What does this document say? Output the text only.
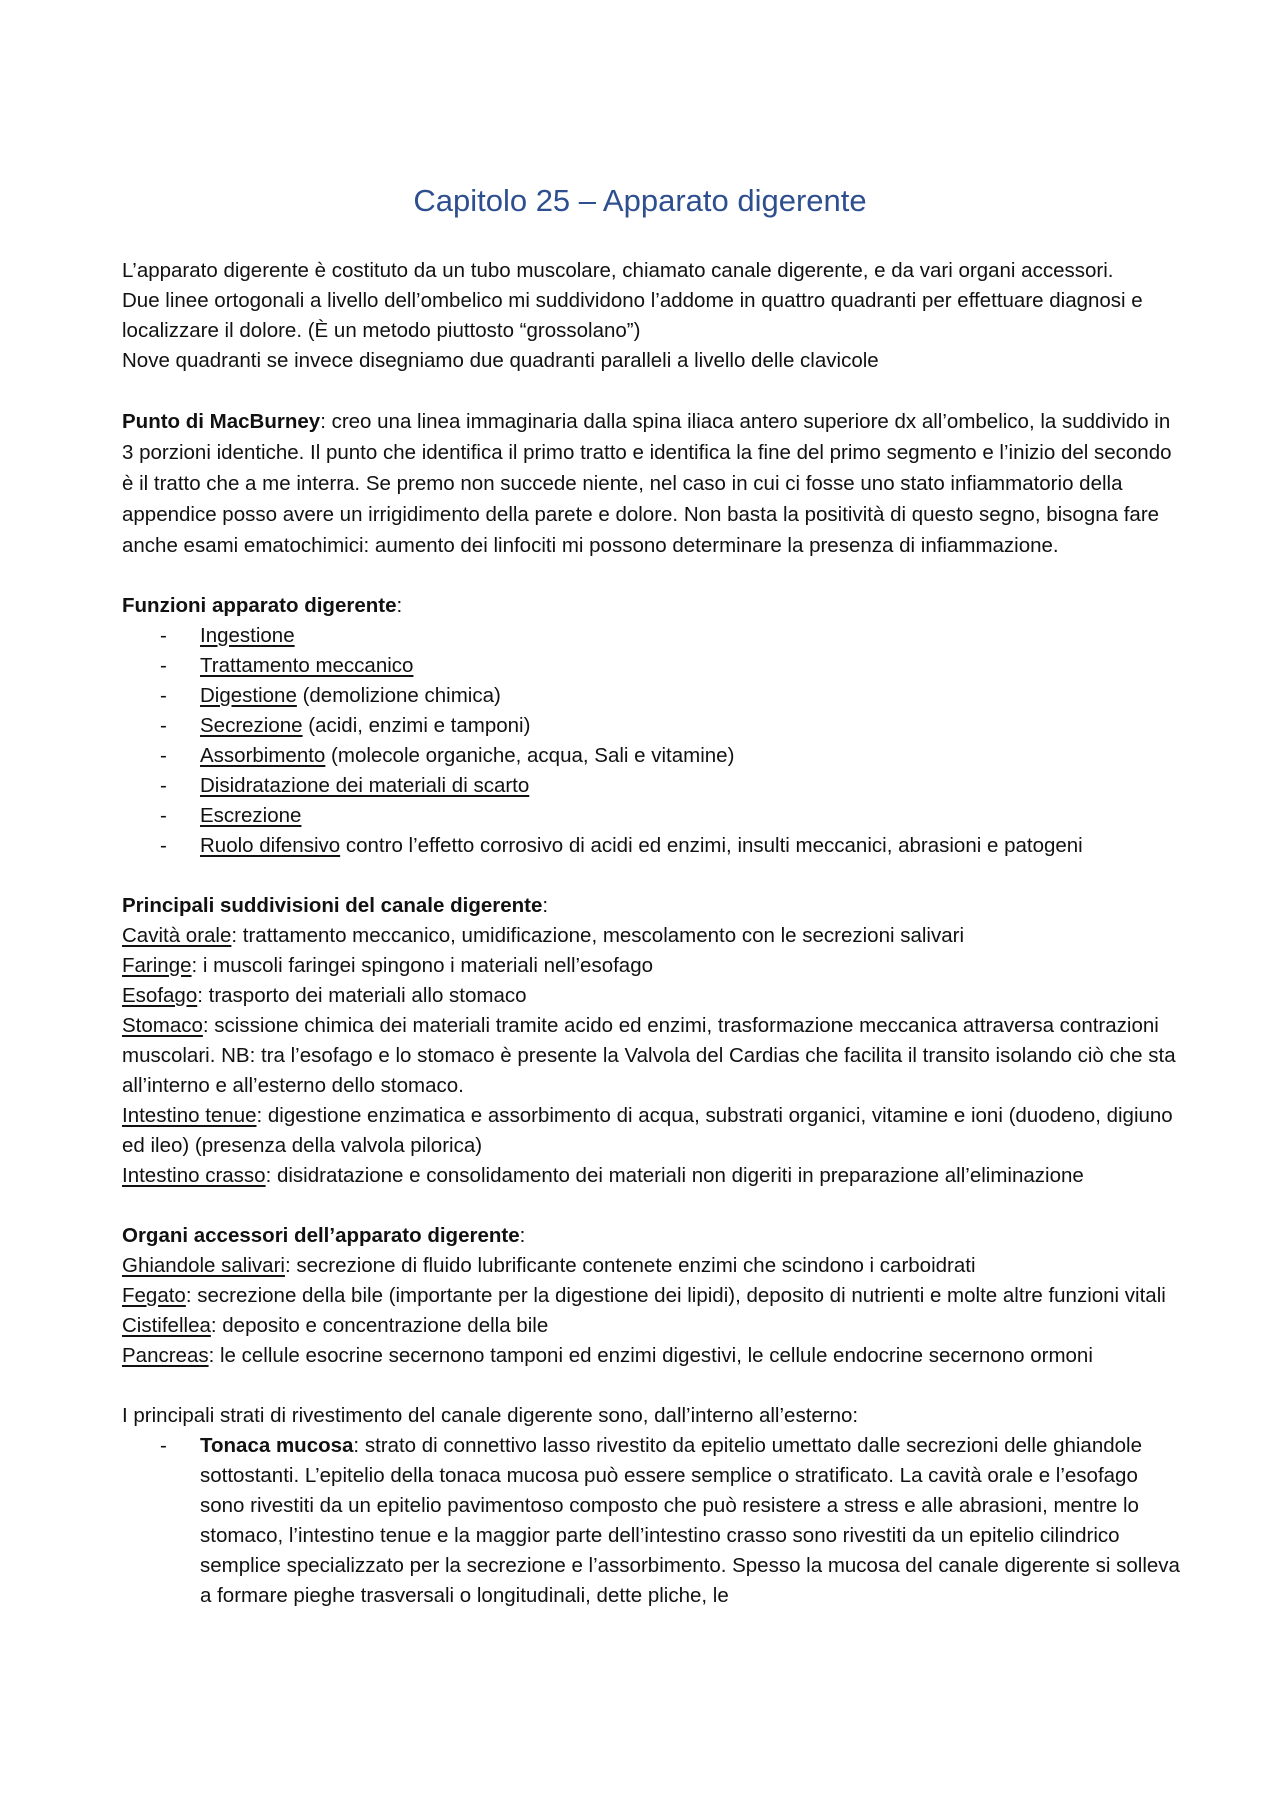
Capitolo 25 – Apparato digerente

L’apparato digerente è costituto da un tubo muscolare, chiamato canale digerente, e da vari organi accessori.

Due linee ortogonali a livello dell’ombelico mi suddividono l’addome in quattro quadranti per effettuare diagnosi e localizzare il dolore. (È un metodo piuttosto “grossolano”)

Nove quadranti se invece disegniamo due quadranti paralleli a livello delle clavicole

Punto di MacBurney: creo una linea immaginaria dalla spina iliaca antero superiore dx all’ombelico, la suddivido in 3 porzioni identiche. Il punto che identifica il primo tratto e identifica la fine del primo segmento e l’inizio del secondo è il tratto che a me interra. Se premo non succede niente, nel caso in cui ci fosse uno stato infiammatorio della appendice posso avere un irrigidimento della parete e dolore. Non basta la positività di questo segno, bisogna fare anche esami ematochimici: aumento dei linfociti mi possono determinare la presenza di infiammazione.

Funzioni apparato digerente:

- Ingestione
- Trattamento meccanico
- Digestione (demolizione chimica)
- Secrezione (acidi, enzimi e tamponi)
- Assorbimento (molecole organiche, acqua, Sali e vitamine)
- Disidratazione dei materiali di scarto
- Escrezione
- Ruolo difensivo contro l’effetto corrosivo di acidi ed enzimi, insulti meccanici, abrasioni e patogeni

Principali suddivisioni del canale digerente:

Cavità orale: trattamento meccanico, umidificazione, mescolamento con le secrezioni salivari

Faringe: i muscoli faringei spingono i materiali nell’esofago

Esofago: trasporto dei materiali allo stomaco

Stomaco: scissione chimica dei materiali tramite acido ed enzimi, trasformazione meccanica attraversa contrazioni muscolari. NB: tra l’esofago e lo stomaco è presente la Valvola del Cardias che facilita il transito isolando ciò che sta all’interno e all’esterno dello stomaco.

Intestino tenue: digestione enzimatica e assorbimento di acqua, substrati organici, vitamine e ioni (duodeno, digiuno ed ileo) (presenza della valvola pilorica)

Intestino crasso: disidratazione e consolidamento dei materiali non digeriti in preparazione all’eliminazione

Organi accessori dell’apparato digerente:

Ghiandole salivari: secrezione di fluido lubrificante contenete enzimi che scindono i carboidrati

Fegato: secrezione della bile (importante per la digestione dei lipidi), deposito di nutrienti e molte altre funzioni vitali

Cistifellea: deposito e concentrazione della bile

Pancreas: le cellule esocrine secernono tamponi ed enzimi digestivi, le cellule endocrine secernono ormoni

I principali strati di rivestimento del canale digerente sono, dall’interno all’esterno:

- Tonaca mucosa: strato di connettivo lasso rivestito da epitelio umettato dalle secrezioni delle ghiandole sottostanti. L’epitelio della tonaca mucosa può essere semplice o stratificato. La cavità orale e l’esofago sono rivestiti da un epitelio pavimentoso composto che può resistere a stress e alle abrasioni, mentre lo stomaco, l’intestino tenue e la maggior parte dell’intestino crasso sono rivestiti da un epitelio cilindrico semplice specializzato per la secrezione e l’assorbimento. Spesso la mucosa del canale digerente si solleva a formare pieghe trasversali o longitudinali, dette pliche, le
